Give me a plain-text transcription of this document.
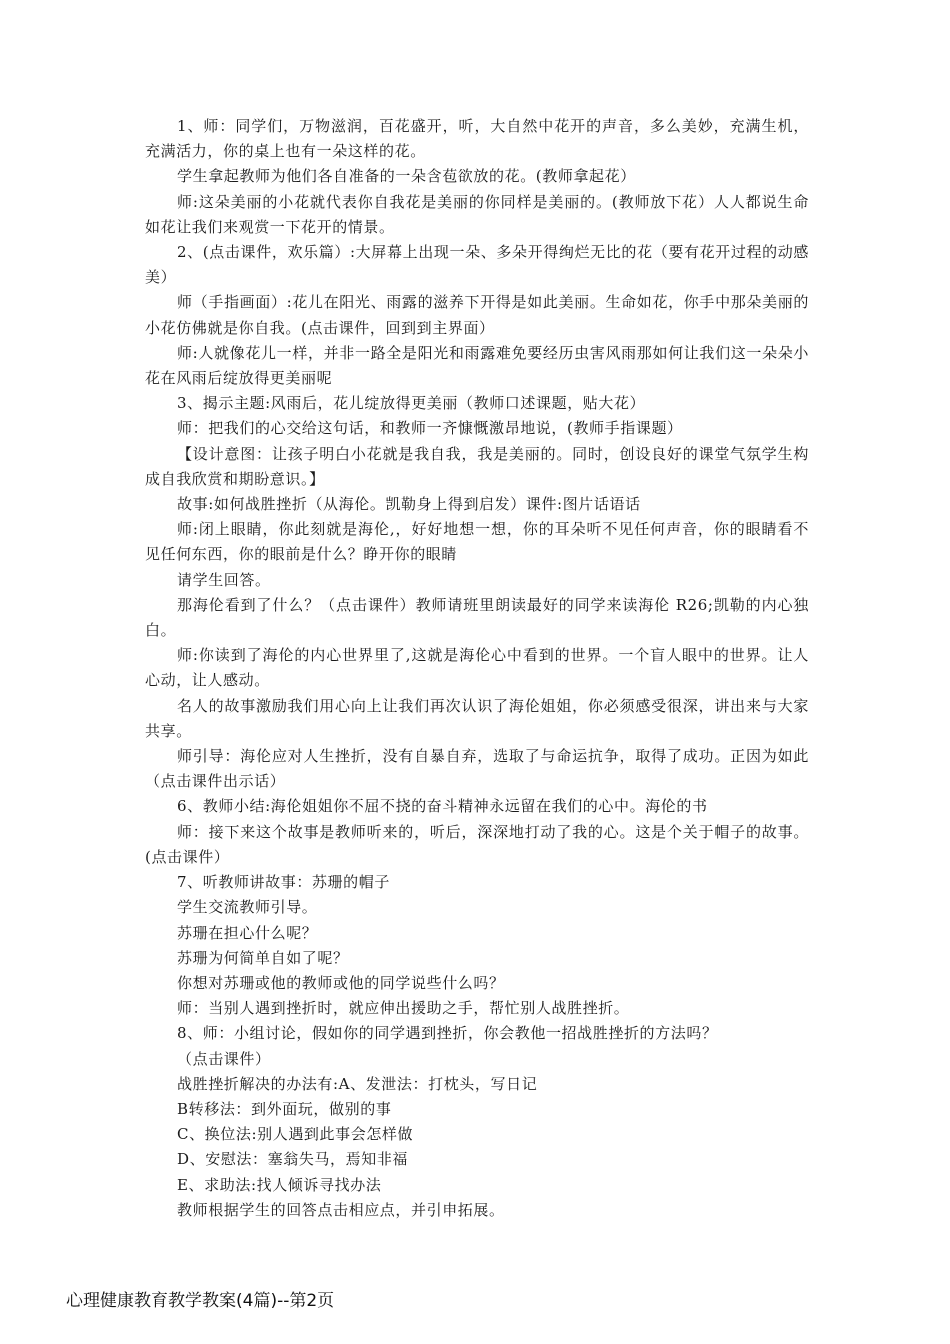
1、师：同学们，万物滋润，百花盛开，听，大自然中花开的声音，多么美妙，充满生机，充满活力，你的桌上也有一朵这样的花。

学生拿起教师为他们各自准备的一朵含苞欲放的花。(教师拿起花）

师:这朵美丽的小花就代表你自我花是美丽的你同样是美丽的。(教师放下花）人人都说生命如花让我们来观赏一下花开的情景。

2、(点击课件，欢乐篇）:大屏幕上出现一朵、多朵开得绚烂无比的花（要有花开过程的动感美）

师（手指画面）:花儿在阳光、雨露的滋养下开得是如此美丽。生命如花，你手中那朵美丽的小花仿佛就是你自我。(点击课件，回到到主界面）

师:人就像花儿一样，并非一路全是阳光和雨露难免要经历虫害风雨那如何让我们这一朵朵小花在风雨后绽放得更美丽呢

3、揭示主题:风雨后，花儿绽放得更美丽（教师口述课题，贴大花）

师：把我们的心交给这句话，和教师一齐慷慨激昂地说，(教师手指课题）

【设计意图：让孩子明白小花就是我自我，我是美丽的。同时，创设良好的课堂气氛学生构成自我欣赏和期盼意识。】

故事:如何战胜挫折（从海伦。凯勒身上得到启发）课件:图片话语话

师:闭上眼睛，你此刻就是海伦,，好好地想一想，你的耳朵听不见任何声音，你的眼睛看不见任何东西，你的眼前是什么？睁开你的眼睛

请学生回答。

那海伦看到了什么？（点击课件）教师请班里朗读最好的同学来读海伦 R26;凯勒的内心独白。

师:你读到了海伦的内心世界里了,这就是海伦心中看到的世界。一个盲人眼中的世界。让人心动，让人感动。

名人的故事激励我们用心向上让我们再次认识了海伦姐姐，你必须感受很深，讲出来与大家共享。

师引导：海伦应对人生挫折，没有自暴自弃，选取了与命运抗争，取得了成功。正因为如此（点击课件出示话）

6、教师小结:海伦姐姐你不屈不挠的奋斗精神永远留在我们的心中。海伦的书

师：接下来这个故事是教师听来的，听后，深深地打动了我的心。这是个关于帽子的故事。(点击课件）

7、听教师讲故事：苏珊的帽子

学生交流教师引导。

苏珊在担心什么呢？

苏珊为何简单自如了呢？

你想对苏珊或他的教师或他的同学说些什么吗？

师：当别人遇到挫折时，就应伸出援助之手，帮忙别人战胜挫折。

8、师：小组讨论，假如你的同学遇到挫折，你会教他一招战胜挫折的方法吗？

（点击课件）

战胜挫折解决的办法有:A、发泄法：打枕头，写日记

B转移法：到外面玩，做别的事

C、换位法:别人遇到此事会怎样做

D、安慰法：塞翁失马，焉知非福

E、求助法:找人倾诉寻找办法

教师根据学生的回答点击相应点，并引申拓展。

心理健康教育教学教案(4篇)--第2页
